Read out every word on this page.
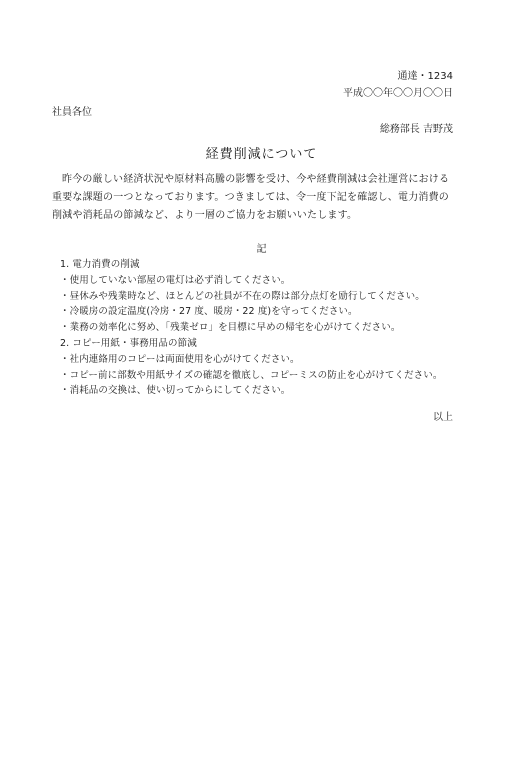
通達・1234
平成〇〇年〇〇月〇〇日
社員各位
総務部長 吉野茂
経費削減について
昨今の厳しい経済状況や原材料高騰の影響を受け、今や経費削減は会社運営における重要な課題の一つとなっております。つきましては、令一度下記を確認し、電力消費の削減や消耗品の節減など、より一層のご協力をお願いいたします。
記
1. 電力消費の削減
・使用していない部屋の電灯は必ず消してください。
・昼休みや残業時など、ほとんどの社員が不在の際は部分点灯を励行してください。
・冷暖房の設定温度(冷房・27 度、暖房・22 度)を守ってください。
・業務の効率化に努め、「残業ゼロ」を目標に早めの帰宅を心がけてください。
2. コピー用紙・事務用品の節減
・社内連絡用のコピーは両面使用を心がけてください。
・コピー前に部数や用紙サイズの確認を徹底し、コピーミスの防止を心がけてください。
・消耗品の交換は、使い切ってからにしてください。
以上
